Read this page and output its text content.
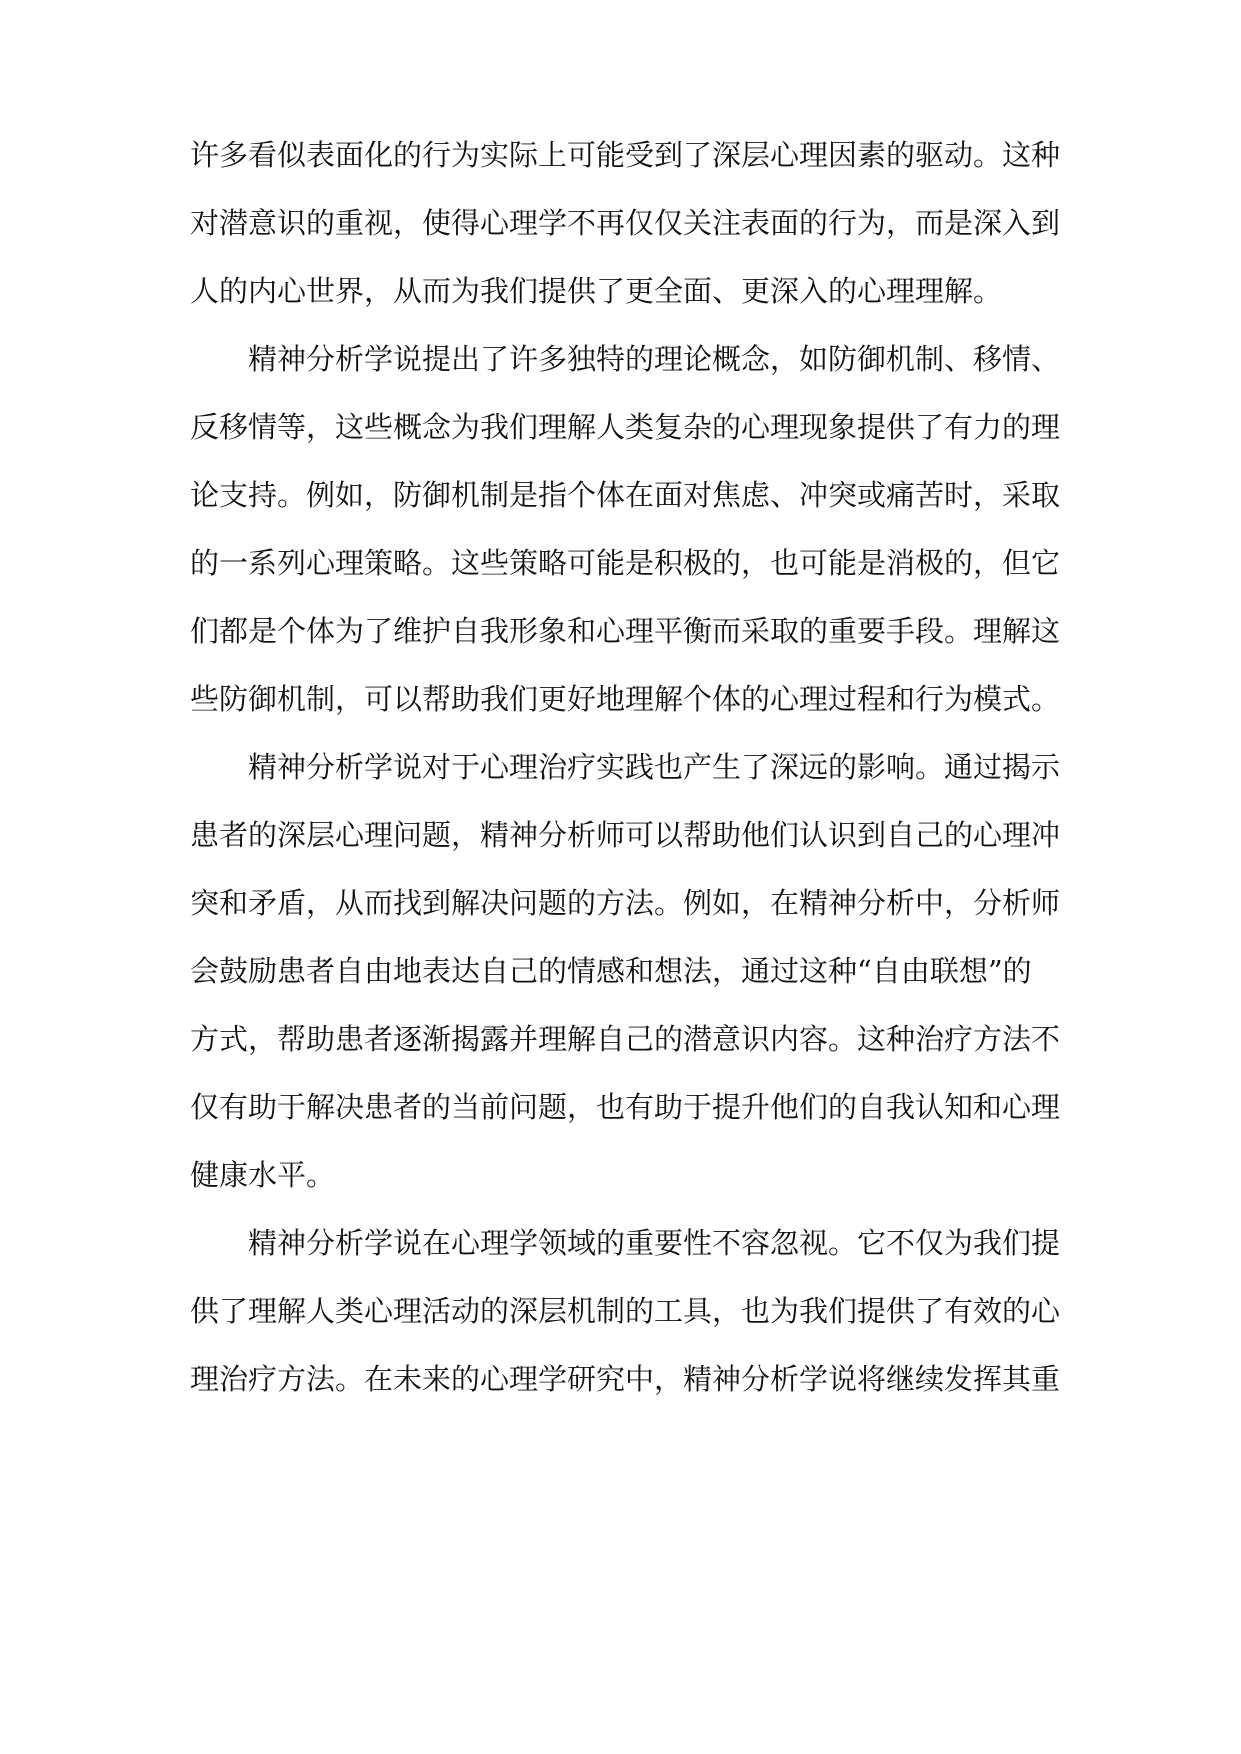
许多看似表面化的行为实际上可能受到了深层心理因素的驱动。这种
对潜意识的重视，使得心理学不再仅仅关注表面的行为，而是深入到
人的内心世界，从而为我们提供了更全面、更深入的心理理解。
精神分析学说提出了许多独特的理论概念，如防御机制、移情、
反移情等，这些概念为我们理解人类复杂的心理现象提供了有力的理
论支持。例如，防御机制是指个体在面对焦虑、冲突或痛苦时，采取
的一系列心理策略。这些策略可能是积极的，也可能是消极的，但它
们都是个体为了维护自我形象和心理平衡而采取的重要手段。理解这
些防御机制，可以帮助我们更好地理解个体的心理过程和行为模式。
精神分析学说对于心理治疗实践也产生了深远的影响。通过揭示
患者的深层心理问题，精神分析师可以帮助他们认识到自己的心理冲
突和矛盾，从而找到解决问题的方法。例如，在精神分析中，分析师
会鼓励患者自由地表达自己的情感和想法，通过这种“自由联想”的
方式，帮助患者逐渐揭露并理解自己的潜意识内容。这种治疗方法不
仅有助于解决患者的当前问题，也有助于提升他们的自我认知和心理
健康水平。
精神分析学说在心理学领域的重要性不容忽视。它不仅为我们提
供了理解人类心理活动的深层机制的工具，也为我们提供了有效的心
理治疗方法。在未来的心理学研究中，精神分析学说将继续发挥其重
